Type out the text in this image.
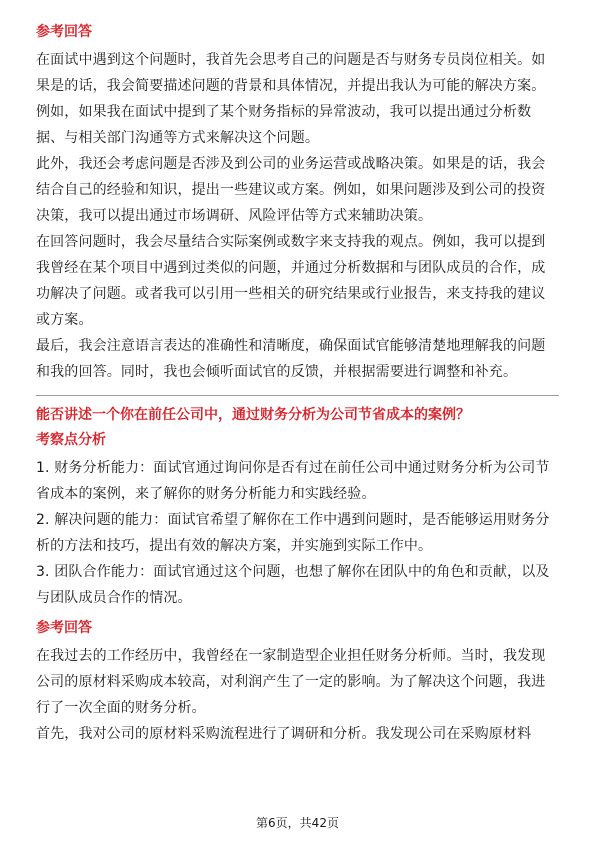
参考回答

在面试中遇到这个问题时，我首先会思考自己的问题是否与财务专员岗位相关。如
果是的话，我会简要描述问题的背景和具体情况，并提出我认为可能的解决方案。
例如，如果我在面试中提到了某个财务指标的异常波动，我可以提出通过分析数
据、与相关部门沟通等方式来解决这个问题。

此外，我还会考虑问题是否涉及到公司的业务运营或战略决策。如果是的话，我会
结合自己的经验和知识，提出一些建议或方案。例如，如果问题涉及到公司的投资
决策，我可以提出通过市场调研、风险评估等方式来辅助决策。

在回答问题时，我会尽量结合实际案例或数字来支持我的观点。例如，我可以提到
我曾经在某个项目中遇到过类似的问题，并通过分析数据和与团队成员的合作，成
功解决了问题。或者我可以引用一些相关的研究结果或行业报告，来支持我的建议
或方案。

最后，我会注意语言表达的准确性和清晰度，确保面试官能够清楚地理解我的问题
和我的回答。同时，我也会倾听面试官的反馈，并根据需要进行调整和补充。

能否讲述一个你在前任公司中，通过财务分析为公司节省成本的案例？

考察点分析

1. 财务分析能力：面试官通过询问你是否有过在前任公司中通过财务分析为公司节
省成本的案例，来了解你的财务分析能力和实践经验。

2. 解决问题的能力：面试官希望了解你在工作中遇到问题时，是否能够运用财务分
析的方法和技巧，提出有效的解决方案，并实施到实际工作中。

3. 团队合作能力：面试官通过这个问题，也想了解你在团队中的角色和贡献，以及
与团队成员合作的情况。

参考回答

在我过去的工作经历中，我曾经在一家制造型企业担任财务分析师。当时，我发现
公司的原材料采购成本较高，对利润产生了一定的影响。为了解决这个问题，我进
行了一次全面的财务分析。

首先，我对公司的原材料采购流程进行了调研和分析。我发现公司在采购原材料

第6页，共42页
